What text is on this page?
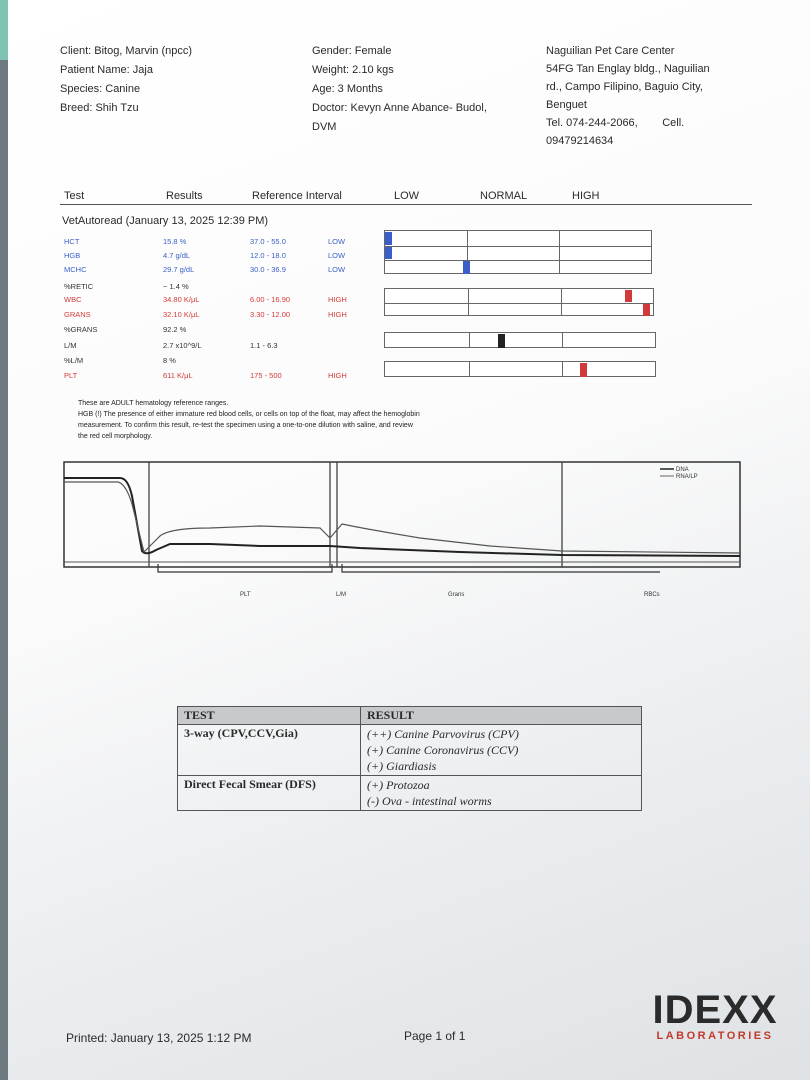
Client: Bitog, Marvin (npcc)
Patient Name: Jaja
Species: Canine
Breed: Shih Tzu
Gender: Female
Weight: 2.10 kgs
Age: 3 Months
Doctor: Kevyn Anne Abance- Budol,
DVM
Naguilian Pet Care Center
54FG Tan Englay bldg., Naguilian
rd., Campo Filipino, Baguio City,
Benguet
Tel. 074-244-2066, Cell.
09479214634
Test	Results	Reference Interval	LOW	NORMAL	HIGH
VetAutoread (January 13, 2025 12:39 PM)
HCT	15.8 %	37.0 - 55.0	LOW
HGB	4.7 g/dL	12.0 - 18.0	LOW
MCHC	29.7 g/dL	30.0 - 36.9	LOW
%RETIC	~ 1.4 %
WBC	34.80 K/μL	6.00 - 16.90	HIGH
GRANS	32.10 K/μL	3.30 - 12.00	HIGH
%GRANS	92.2 %
L/M	2.7 x10^9/L	1.1 - 6.3
%L/M	8 %
PLT	611 K/μL	175 - 500	HIGH
These are ADULT hematology reference ranges.
HGB (!) The presence of either immature red blood cells, or cells on top of the float, may affect the hemoglobin
measurement. To confirm this result, re-test the specimen using a one-to-one dilution with saline, and review
the red cell morphology.
DNA
RNA/LP
PLT	L/M	Grans	RBCs
TEST	RESULT
3-way (CPV,CCV,Gia)	(++) Canine Parvovirus (CPV)
(+) Canine Coronavirus (CCV)
(+) Giardiasis

Direct Fecal Smear (DFS)	(+) Protozoa
(-) Ova - intestinal worms
Printed: January 13, 2025 1:12 PM	Page 1 of 1
IDEXX
LABORATORIES
